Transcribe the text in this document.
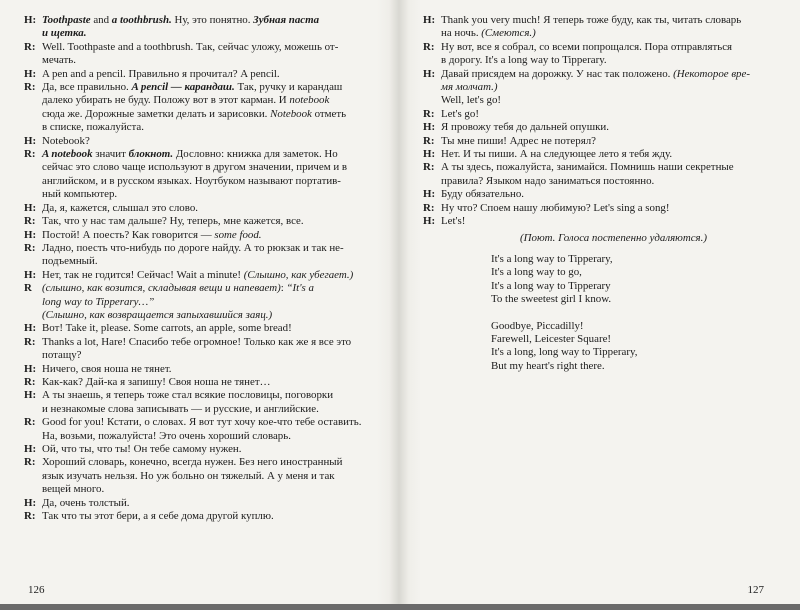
H: Toothpaste and a toothbrush. Ну, это понятно. Зубная паста
и щетка.
R: Well. Toothpaste and a toothbrush. Так, сейчас уложу, можешь от-
мечать.
H: A pen and a pencil. Правильно я прочитал? A pencil.
R: Да, все правильно. A pencil — карандаш. Так, ручку и карандаш
далеко убирать не буду. Положу вот в этот карман. И notebook
сюда же. Дорожные заметки делать и зарисовки. Notebook отметь
в списке, пожалуйста.
H: Notebook?
R: A notebook значит блокнот. Дословно: книжка для заметок. Но
сейчас это слово чаще используют в другом значении, причем и в
английском, и в русском языках. Ноутбуком называют портатив-
ный компьютер.
H: Да, я, кажется, слышал это слово.
R: Так, что у нас там дальше? Ну, теперь, мне кажется, все.
H: Постой! А поесть? Как говорится — some food.
R: Ладно, поесть что-нибудь по дороге найду. А то рюкзак и так не-
подъемный.
H: Нет, так не годится! Сейчас! Wait a minute! (Слышно, как убегает.)
R (слышно, как возится, складывая вещи и напевает): “It's a
long way to Tipperary…”
(Слышно, как возвращается запыхавшийся заяц.)
H: Вот! Take it, please. Some carrots, an apple, some bread!
R: Thanks a lot, Hare! Спасибо тебе огромное! Только как же я все это
потащу?
H: Ничего, своя ноша не тянет.
R: Как-как? Дай-ка я запишу! Своя ноша не тянет…
H: А ты знаешь, я теперь тоже стал всякие пословицы, поговорки
и незнакомые слова записывать — и русские, и английские.
R: Good for you! Кстати, о словах. Я вот тут хочу кое-что тебе оставить.
На, возьми, пожалуйста! Это очень хороший словарь.
H: Ой, что ты, что ты! Он тебе самому нужен.
R: Хороший словарь, конечно, всегда нужен. Без него иностранный
язык изучать нельзя. Но уж больно он тяжелый. А у меня и так
вещей много.
H: Да, очень толстый.
R: Так что ты этот бери, а я себе дома другой куплю.
126
H: Thank you very much! Я теперь тоже буду, как ты, читать словарь
на ночь. (Смеются.)
R: Ну вот, все я собрал, со всеми попрощался. Пора отправляться
в дорогу. It's a long way to Tipperary.
H: Давай присядем на дорожку. У нас так положено. (Некоторое вре-
мя молчат.)
Well, let's go!
R: Let's go!
H: Я провожу тебя до дальней опушки.
R: Ты мне пиши! Адрес не потерял?
H: Нет. И ты пиши. А на следующее лето я тебя жду.
R: А ты здесь, пожалуйста, занимайся. Помнишь наши секретные
правила? Языком надо заниматься постоянно.
H: Буду обязательно.
R: Ну что? Споем нашу любимую? Let's sing a song!
H: Let's!
(Поют. Голоса постепенно удаляются.)
It's a long way to Tipperary,
It's a long way to go,
It's a long way to Tipperary
To the sweetest girl I know.
Goodbye, Piccadilly!
Farewell, Leicester Square!
It's a long, long way to Tipperary,
But my heart's right there.
127
